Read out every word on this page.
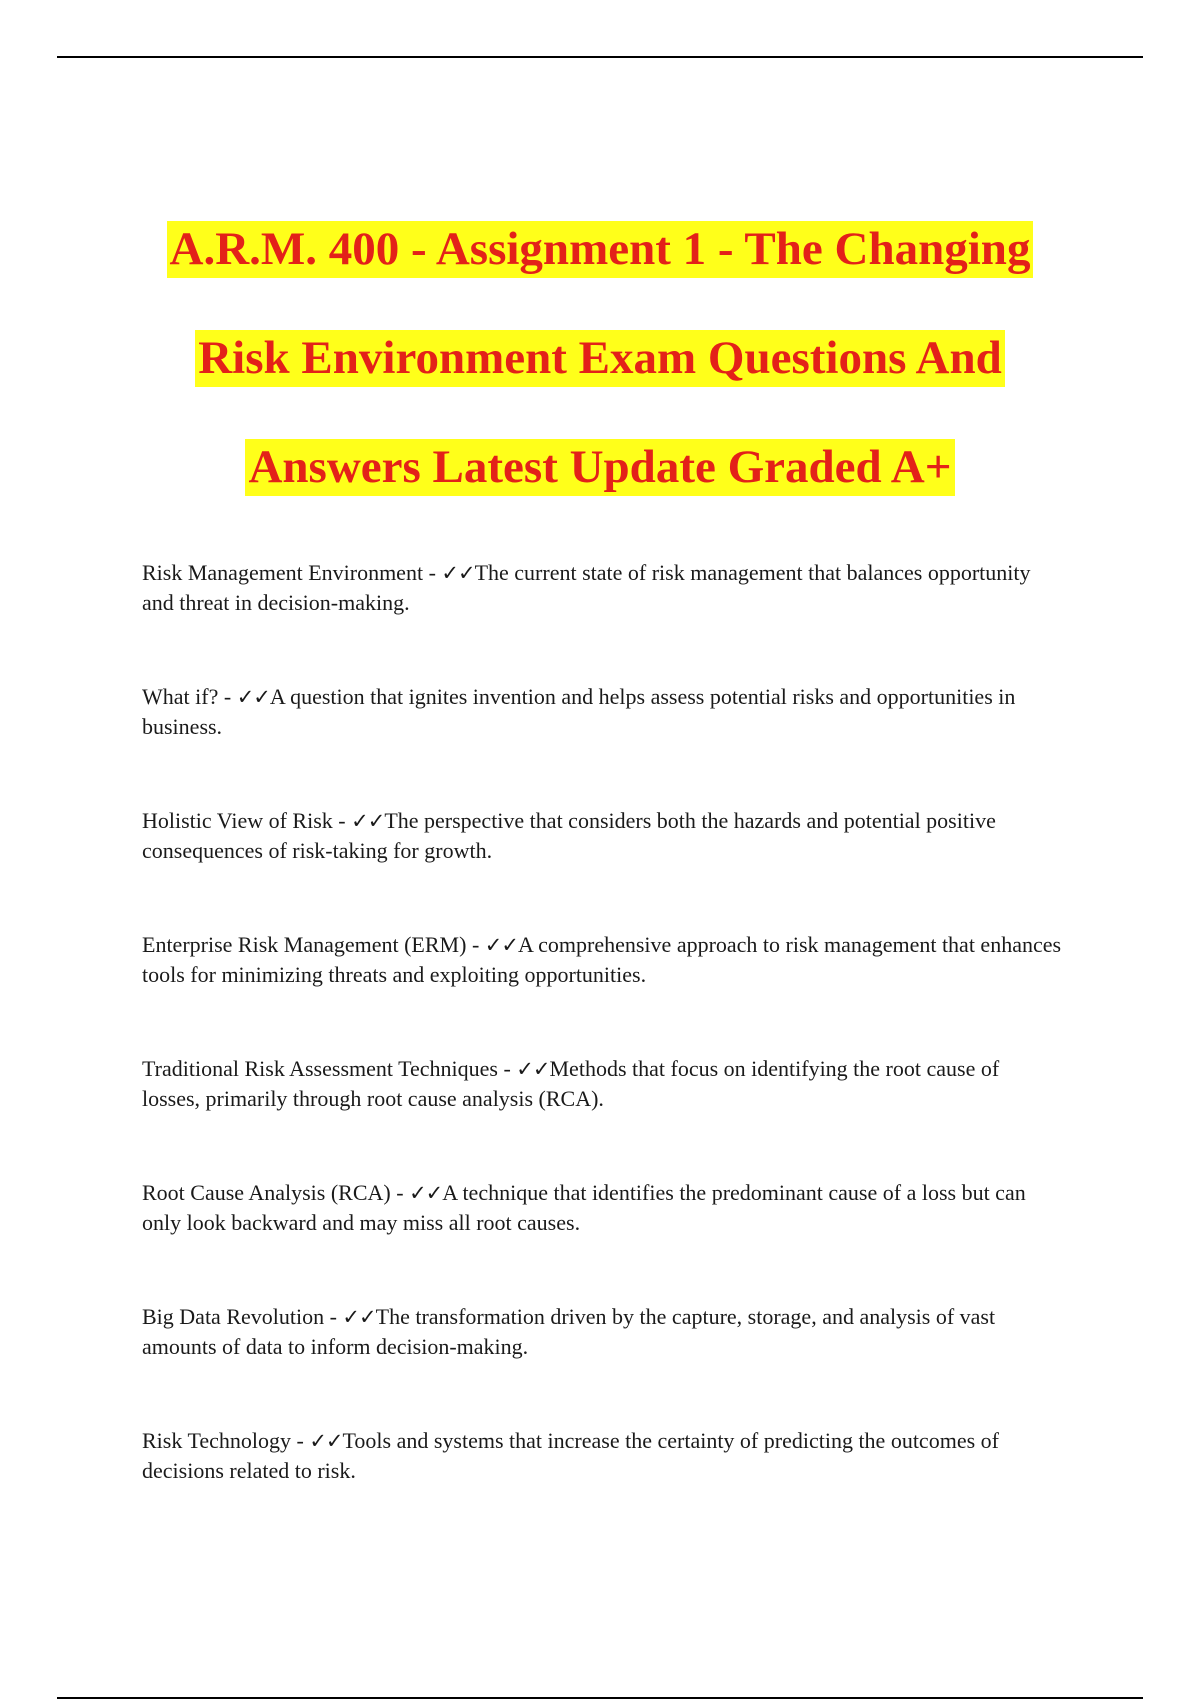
A.R.M. 400 - Assignment 1 - The Changing
Risk Environment Exam Questions And
Answers Latest Update Graded A+
Risk Management Environment - ✓✓The current state of risk management that balances opportunity and threat in decision-making.
What if? - ✓✓A question that ignites invention and helps assess potential risks and opportunities in business.
Holistic View of Risk - ✓✓The perspective that considers both the hazards and potential positive consequences of risk-taking for growth.
Enterprise Risk Management (ERM) - ✓✓A comprehensive approach to risk management that enhances tools for minimizing threats and exploiting opportunities.
Traditional Risk Assessment Techniques - ✓✓Methods that focus on identifying the root cause of losses, primarily through root cause analysis (RCA).
Root Cause Analysis (RCA) - ✓✓A technique that identifies the predominant cause of a loss but can only look backward and may miss all root causes.
Big Data Revolution - ✓✓The transformation driven by the capture, storage, and analysis of vast amounts of data to inform decision-making.
Risk Technology - ✓✓Tools and systems that increase the certainty of predicting the outcomes of decisions related to risk.
